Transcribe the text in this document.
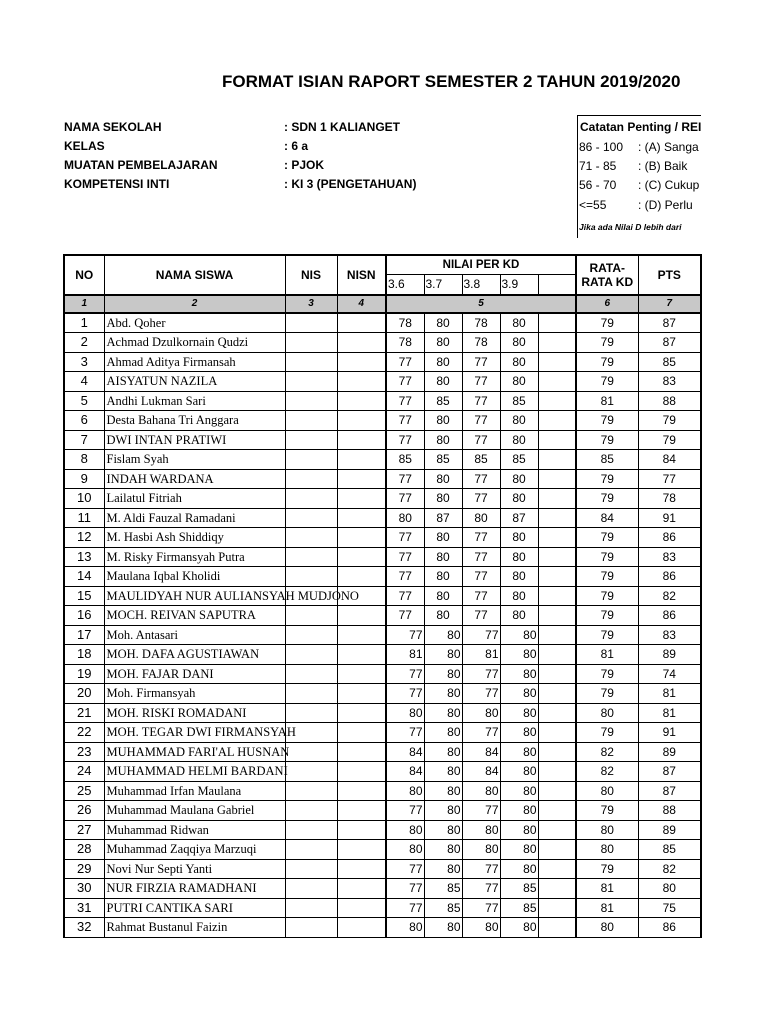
FORMAT ISIAN RAPORT SEMESTER 2 TAHUN 2019/2020
NAMA SEKOLAH	: SDN 1 KALIANGET
KELAS	: 6 a
MUATAN PEMBELAJARAN	: PJOK
KOMPETENSI INTI	: KI 3 (PENGETAHUAN)
Catatan Penting / REI
86 - 100 : (A) Sanga
71 - 85 : (B) Baik
56 - 70 : (C) Cukup
<=55	: (D) Perlu
Jika ada Nilai D lebih dari
NO	NAMA SISWA	NIS	NISN	NILAI PER KD					RATA-RATA KD	PTS
				3.6	3.7	3.8	3.9			
1	2	3	4	5					6	7
1	Abd. Qoher			78	80	78	80		79	87
2	Achmad Dzulkornain Qudzi			78	80	78	80		79	87
3	Ahmad Aditya Firmansah			77	80	77	80		79	85
4	AISYATUN NAZILA			77	80	77	80		79	83
5	Andhi Lukman Sari			77	85	77	85		81	88
6	Desta Bahana Tri Anggara			77	80	77	80		79	79
7	DWI INTAN PRATIWI			77	80	77	80		79	79
8	Fislam Syah			85	85	85	85		85	84
9	INDAH WARDANA			77	80	77	80		79	77
10	Lailatul Fitriah			77	80	77	80		79	78
11	M. Aldi Fauzal Ramadani			80	87	80	87		84	91
12	M. Hasbi Ash Shiddiqy			77	80	77	80		79	86
13	M. Risky Firmansyah Putra			77	80	77	80		79	83
14	Maulana Iqbal Kholidi			77	80	77	80		79	86
15	MAULIDYAH NUR AULIANSYAH MUDJONO			77	80	77	80		79	82
16	MOCH. REIVAN SAPUTRA			77	80	77	80		79	86
17	Moh. Antasari			77	80	77	80		79	83
18	MOH. DAFA AGUSTIAWAN			81	80	81	80		81	89
19	MOH. FAJAR DANI			77	80	77	80		79	74
20	Moh. Firmansyah			77	80	77	80		79	81
21	MOH. RISKI ROMADANI			80	80	80	80		80	81
22	MOH. TEGAR DWI FIRMANSYAH			77	80	77	80		79	91
23	MUHAMMAD FARI'AL HUSNAN			84	80	84	80		82	89
24	MUHAMMAD HELMI BARDANI			84	80	84	80		82	87
25	Muhammad Irfan Maulana			80	80	80	80		80	87
26	Muhammad Maulana Gabriel			77	80	77	80		79	88
27	Muhammad Ridwan			80	80	80	80		80	89
28	Muhammad Zaqqiya Marzuqi			80	80	80	80		80	85
29	Novi Nur Septi Yanti			77	80	77	80		79	82
30	NUR FIRZIA RAMADHANI			77	85	77	85		81	80
31	PUTRI CANTIKA SARI			77	85	77	85		81	75
32	Rahmat Bustanul Faizin			80	80	80	80		80	86
